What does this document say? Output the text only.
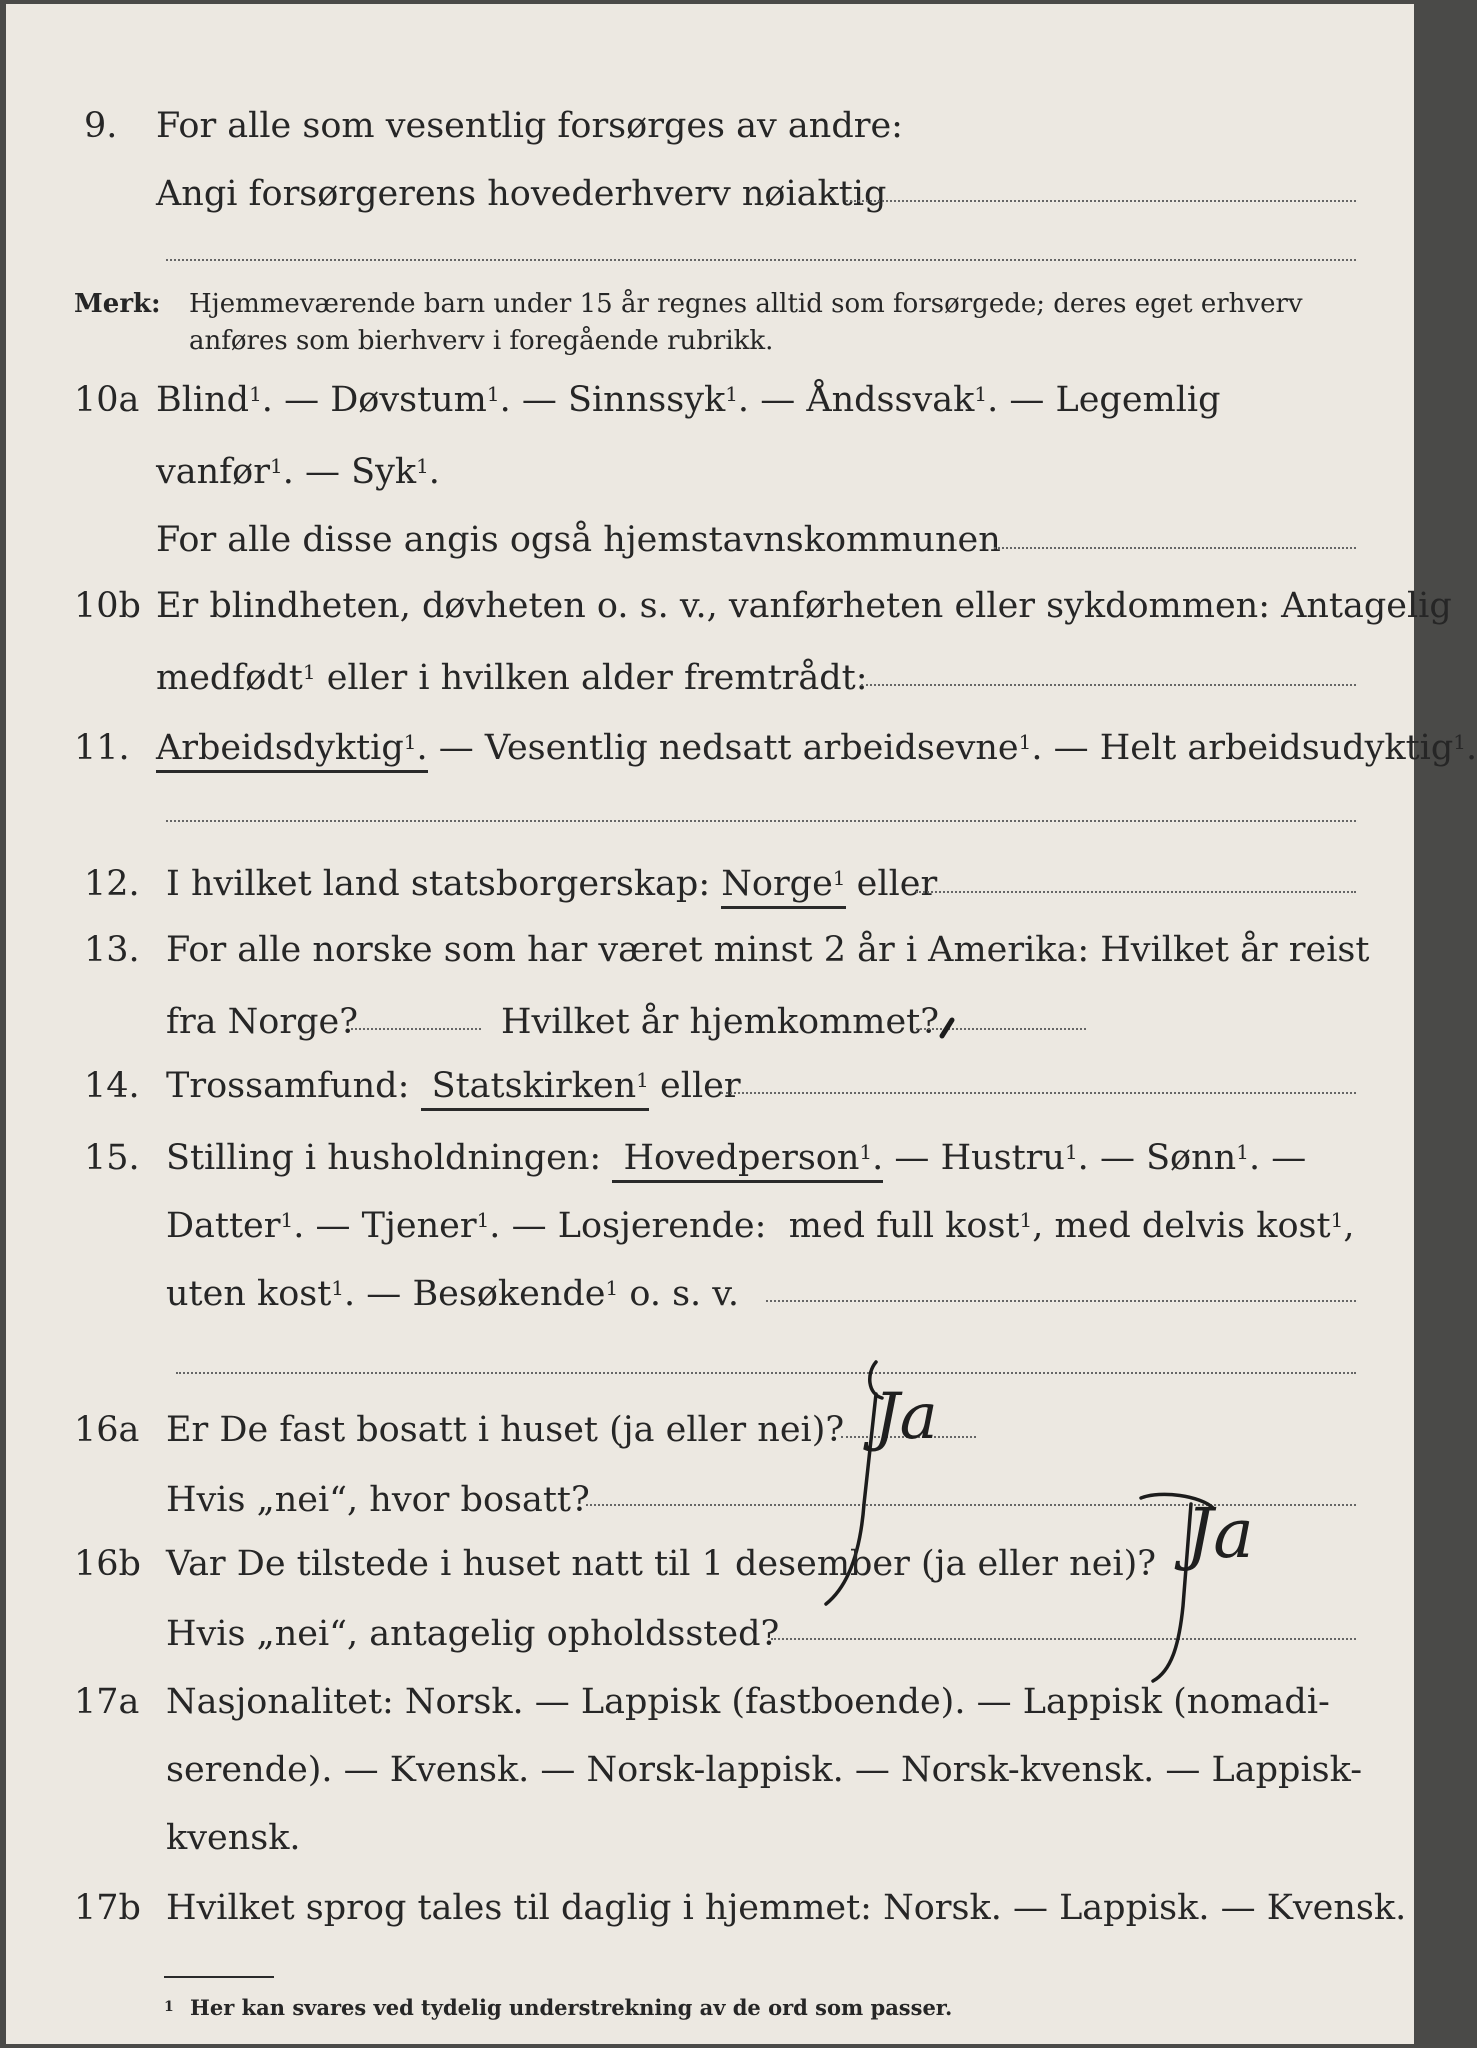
9. For alle som vesentlig forsørges av andre:
Angi forsørgerens hovederhverv nøiaktig
Merk: Hjemmeværende barn under 15 år regnes alltid som forsørgede; deres eget erhverv
anføres som bierhverv i foregående rubrikk.
10a Blind$^1$. — Døvstum$^1$. — Sinnssyk$^1$. — Åndssvak$^1$. — Legemlig
vanfør$^1$. — Syk$^1$.
For alle disse angis også hjemstavnskommunen
10b Er blindheten, døvheten o. s. v., vanførheten eller sykdommen: Antagelig
medfødt$^1$ eller i hvilken alder fremtrådt:
11. Arbeidsdyktig$^1$. — Vesentlig nedsatt arbeidsevne$^1$. — Helt arbeidsudyktig$^1$.
12. I hvilket land statsborgerskap: Norge$^1$ eller
13. For alle norske som har været minst 2 år i Amerika: Hvilket år reist
fra Norge?	Hvilket år hjemkommet?
14. Trossamfund: Statskirken$^1$ eller
15. Stilling i husholdningen: Hovedperson$^1$. — Hustru$^1$. — Sønn$^1$. —
Datter$^1$. — Tjener$^1$. — Losjerende: med full kost$^1$, med delvis kost$^1$,
uten kost$^1$. — Besøkende$^1$ o. s. v.
16a Er De fast bosatt i huset (ja eller nei)?
Hvis „nei“, hvor bosatt?
Ja
16b Var De tilstede i huset natt til 1 desember (ja eller nei)?
Hvis „nei“, antagelig opholdssted?
Ja
17a Nasjonalitet: Norsk. — Lappisk (fastboende). — Lappisk (nomadi-
serende). — Kvensk. — Norsk-lappisk. — Norsk-kvensk. — Lappisk-
kvensk.
17b Hvilket sprog tales til daglig i hjemmet: Norsk. — Lappisk. — Kvensk.
1 Her kan svares ved tydelig understrekning av de ord som passer.
